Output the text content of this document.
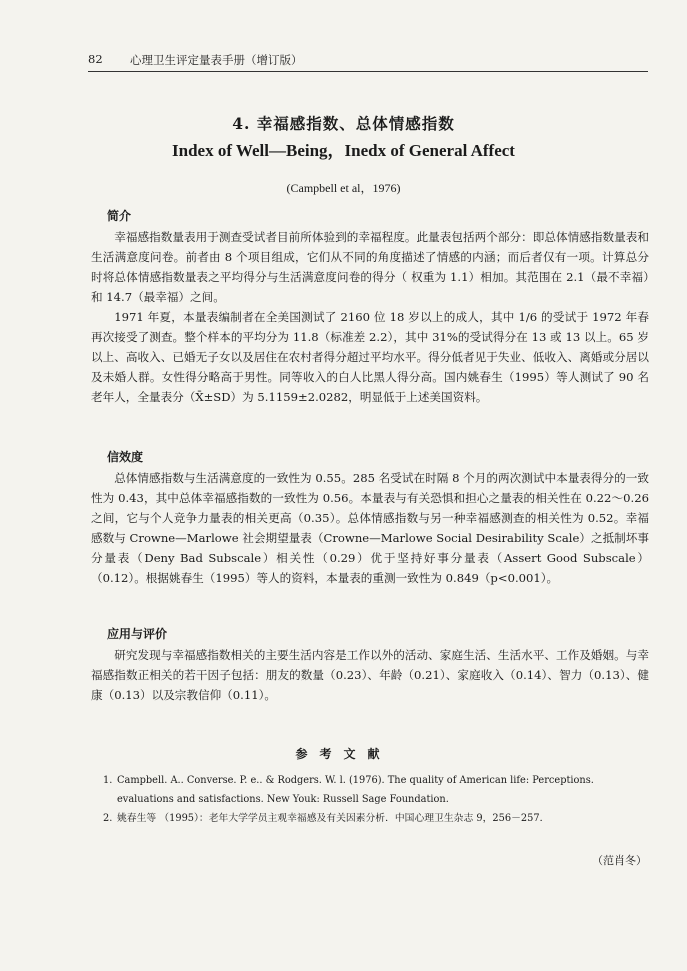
82 心理卫生评定量表手册（增订版）
4. 幸福感指数、总体情感指数
Index of Well—Being，Inedx of General Affect
(Campbell et al，1976)
简介

幸福感指数量表用于测查受试者目前所体验到的幸福程度。此量表包括两个部分：即总体情感指数量表和生活满意度问卷。前者由 8 个项目组成，它们从不同的角度描述了情感的内涵；而后者仅有一项。计算总分时将总体情感指数量表之平均得分与生活满意度问卷的得分（ 权重为 1.1）相加。其范围在 2.1（最不幸福）和 14.7（最幸福）之间。

1971 年夏，本量表编制者在全美国测试了 2160 位 18 岁以上的成人，其中 1/6 的受试于 1972 年春再次接受了测查。整个样本的平均分为 11.8（标准差 2.2），其中 31%的受试得分在 13 或 13 以上。65 岁以上、高收入、已婚无子女以及居住在农村者得分超过平均水平。得分低者见于失业、低收入、离婚或分居以及未婚人群。女性得分略高于男性。同等收入的白人比黑人得分高。国内姚春生（1995）等人测试了 90 名老年人，全量表分（X̄±SD）为 5.1159±2.0282，明显低于上述美国资料。

信效度

总体情感指数与生活满意度的一致性为 0.55。285 名受试在时隔 8 个月的两次测试中本量表得分的一致性为 0.43，其中总体幸福感指数的一致性为 0.56。本量表与有关恐惧和担心之量表的相关性在 0.22～0.26 之间，它与个人竞争力量表的相关更高（0.35）。总体情感指数与另一种幸福感测查的相关性为 0.52。幸福感数与 Crowne—Marlowe 社会期望量表（Crowne—Marlowe Social Desirability Scale）之抵制坏事分量表（Deny Bad Subscale）相关性（0.29）优于坚持好事分量表（Assert Good Subscale）（0.12）。根据姚春生（1995）等人的资料，本量表的重测一致性为 0.849（p<0.001）。

应用与评价

研究发现与幸福感指数相关的主要生活内容是工作以外的活动、家庭生活、生活水平、工作及婚姻。与幸福感指数正相关的若干因子包括：朋友的数量（0.23）、年龄（0.21）、家庭收入（0.14）、智力（0.13）、健康（0.13）以及宗教信仰（0.11）。

参考文献
1. Campbell. A.. Converse. P. e.. & Rodgers. W. l. (1976). The quality of American life: Perceptions. evaluations and satisfactions. New Youk: Russell Sage Foundation.
2. 姚春生等 （1995）：老年大学学员主观幸福感及有关因素分析．中国心理卫生杂志 9，256－257．
（范肖冬）
